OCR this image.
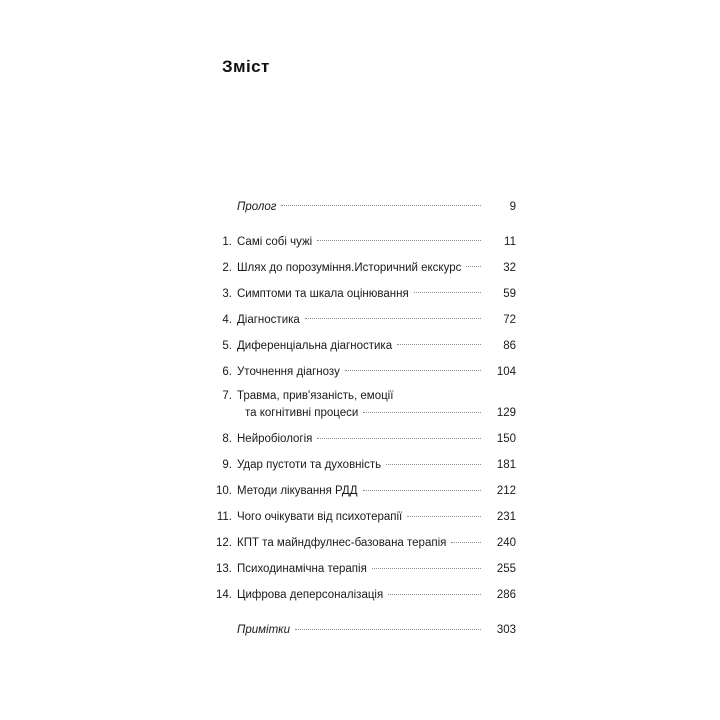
Зміст
Пролог	9
1. Самі собі чужі	11
2. Шлях до порозуміння. Историчний екскурс	32
3. Симптоми та шкала оцінювання	59
4. Діагностика	72
5. Диференціальна діагностика	86
6. Уточнення діагнозу	104
7. Травма, прив'язаність, емоції
та когнітивні процеси	129
8. Нейробіологія	150
9. Удар пустоти та духовність	181
10. Методи лікування РДД	212
11. Чого очікувати від психотерапії	231
12. КПТ та майндфулнес-базована терапія	240
13. Психодинамічна терапія	255
14. Цифрова деперсоналізація	286
Примітки	303
